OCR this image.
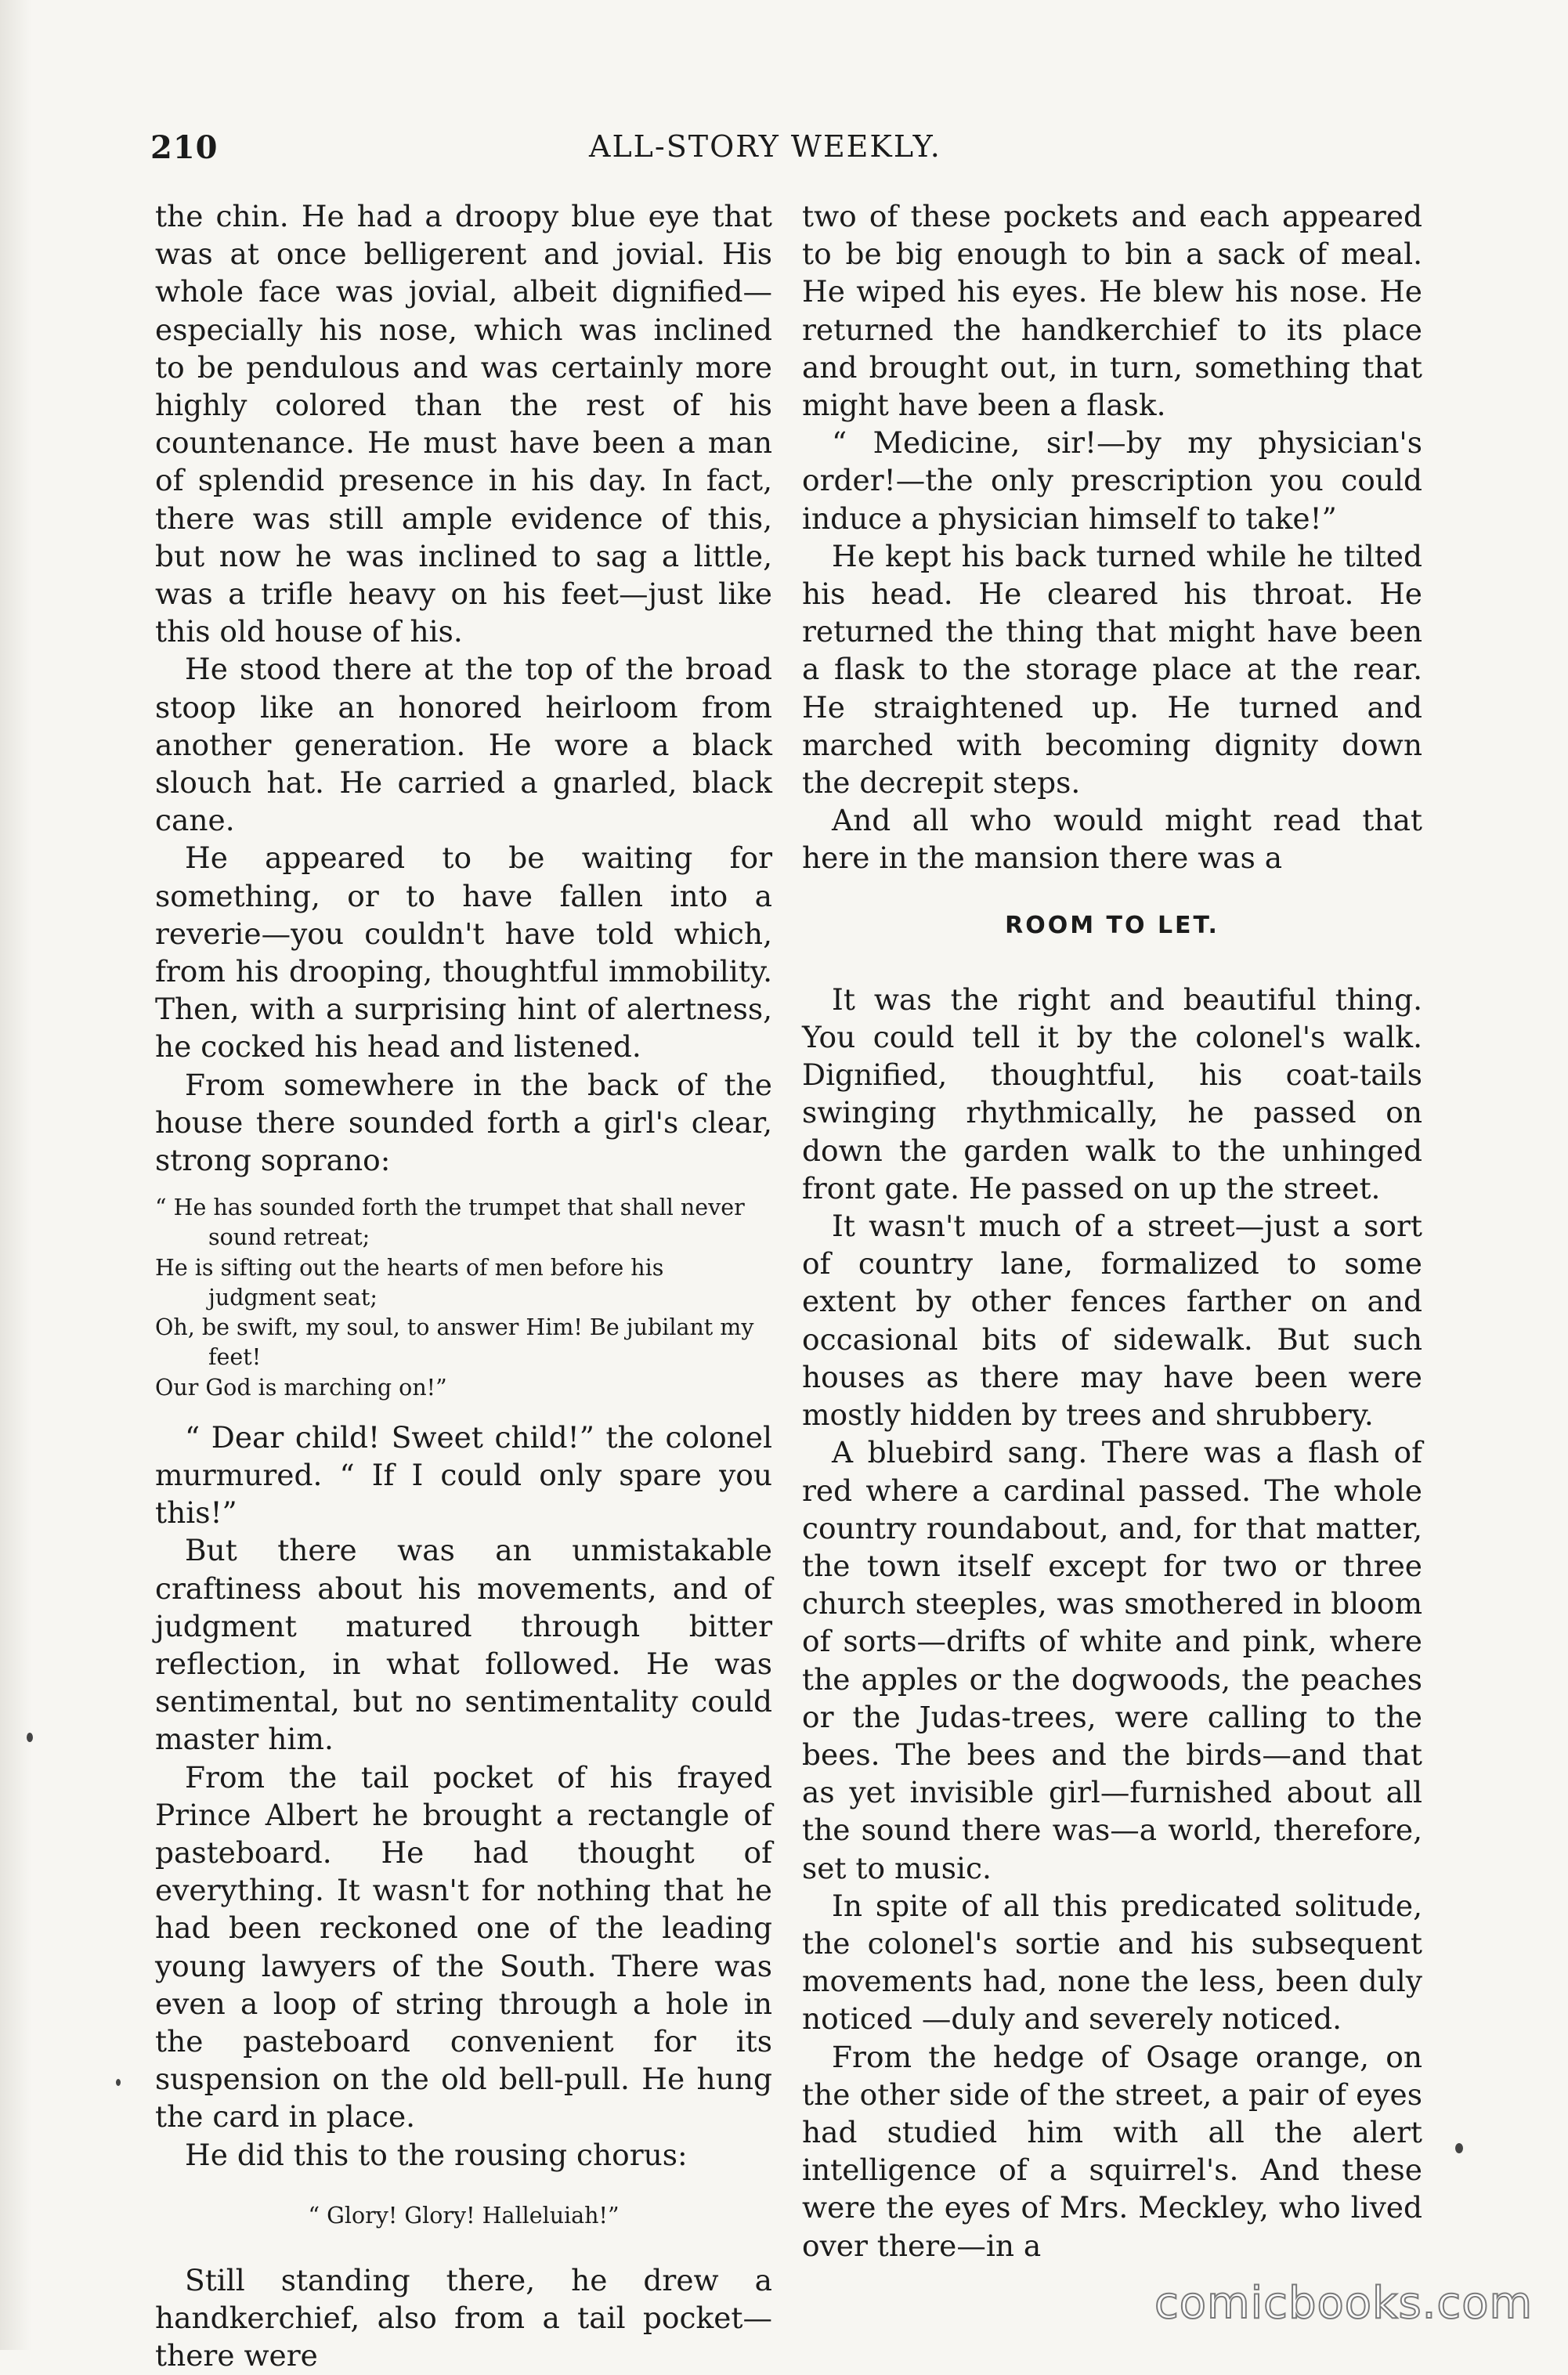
210	ALL-STORY WEEKLY.

the chin. He had a droopy blue eye that was at once belligerent and jovial. His whole face was jovial, albeit dignified—especially his nose, which was inclined to be pendulous and was certainly more highly colored than the rest of his countenance. He must have been a man of splendid presence in his day. In fact, there was still ample evidence of this, but now he was inclined to sag a little, was a trifle heavy on his feet—just like this old house of his.

He stood there at the top of the broad stoop like an honored heirloom from another generation. He wore a black slouch hat. He carried a gnarled, black cane.

He appeared to be waiting for something, or to have fallen into a reverie—you couldn't have told which, from his drooping, thoughtful immobility. Then, with a surprising hint of alertness, he cocked his head and listened.

From somewhere in the back of the house there sounded forth a girl's clear, strong soprano:

“ He has sounded forth the trumpet that shall never sound retreat;
He is sifting out the hearts of men before his judgment seat;
Oh, be swift, my soul, to answer Him! Be jubilant my feet!
Our God is marching on!”

“ Dear child! Sweet child!” the colonel murmured. “ If I could only spare you this!”

But there was an unmistakable craftiness about his movements, and of judgment matured through bitter reflection, in what followed. He was sentimental, but no sentimentality could master him.

From the tail pocket of his frayed Prince Albert he brought a rectangle of pasteboard. He had thought of everything. It wasn't for nothing that he had been reckoned one of the leading young lawyers of the South. There was even a loop of string through a hole in the pasteboard convenient for its suspension on the old bell-pull. He hung the card in place.

He did this to the rousing chorus:

“ Glory! Glory! Halleluiah!”

Still standing there, he drew a handkerchief, also from a tail pocket—there were

two of these pockets and each appeared to be big enough to bin a sack of meal. He wiped his eyes. He blew his nose. He returned the handkerchief to its place and brought out, in turn, something that might have been a flask.

“ Medicine, sir!—by my physician's order!—the only prescription you could induce a physician himself to take!”

He kept his back turned while he tilted his head. He cleared his throat. He returned the thing that might have been a flask to the storage place at the rear. He straightened up. He turned and marched with becoming dignity down the decrepit steps.

And all who would might read that here in the mansion there was a

ROOM TO LET.

It was the right and beautiful thing. You could tell it by the colonel's walk. Dignified, thoughtful, his coat-tails swinging rhythmically, he passed on down the garden walk to the unhinged front gate. He passed on up the street.

It wasn't much of a street—just a sort of country lane, formalized to some extent by other fences farther on and occasional bits of sidewalk. But such houses as there may have been were mostly hidden by trees and shrubbery.

A bluebird sang. There was a flash of red where a cardinal passed. The whole country roundabout, and, for that matter, the town itself except for two or three church steeples, was smothered in bloom of sorts—drifts of white and pink, where the apples or the dogwoods, the peaches or the Judas-trees, were calling to the bees. The bees and the birds—and that as yet invisible girl—furnished about all the sound there was—a world, therefore, set to music.

In spite of all this predicated solitude, the colonel's sortie and his subsequent movements had, none the less, been duly noticed —duly and severely noticed.

From the hedge of Osage orange, on the other side of the street, a pair of eyes had studied him with all the alert intelligence of a squirrel's. And these were the eyes of Mrs. Meckley, who lived over there—in a

comicbooks.com
